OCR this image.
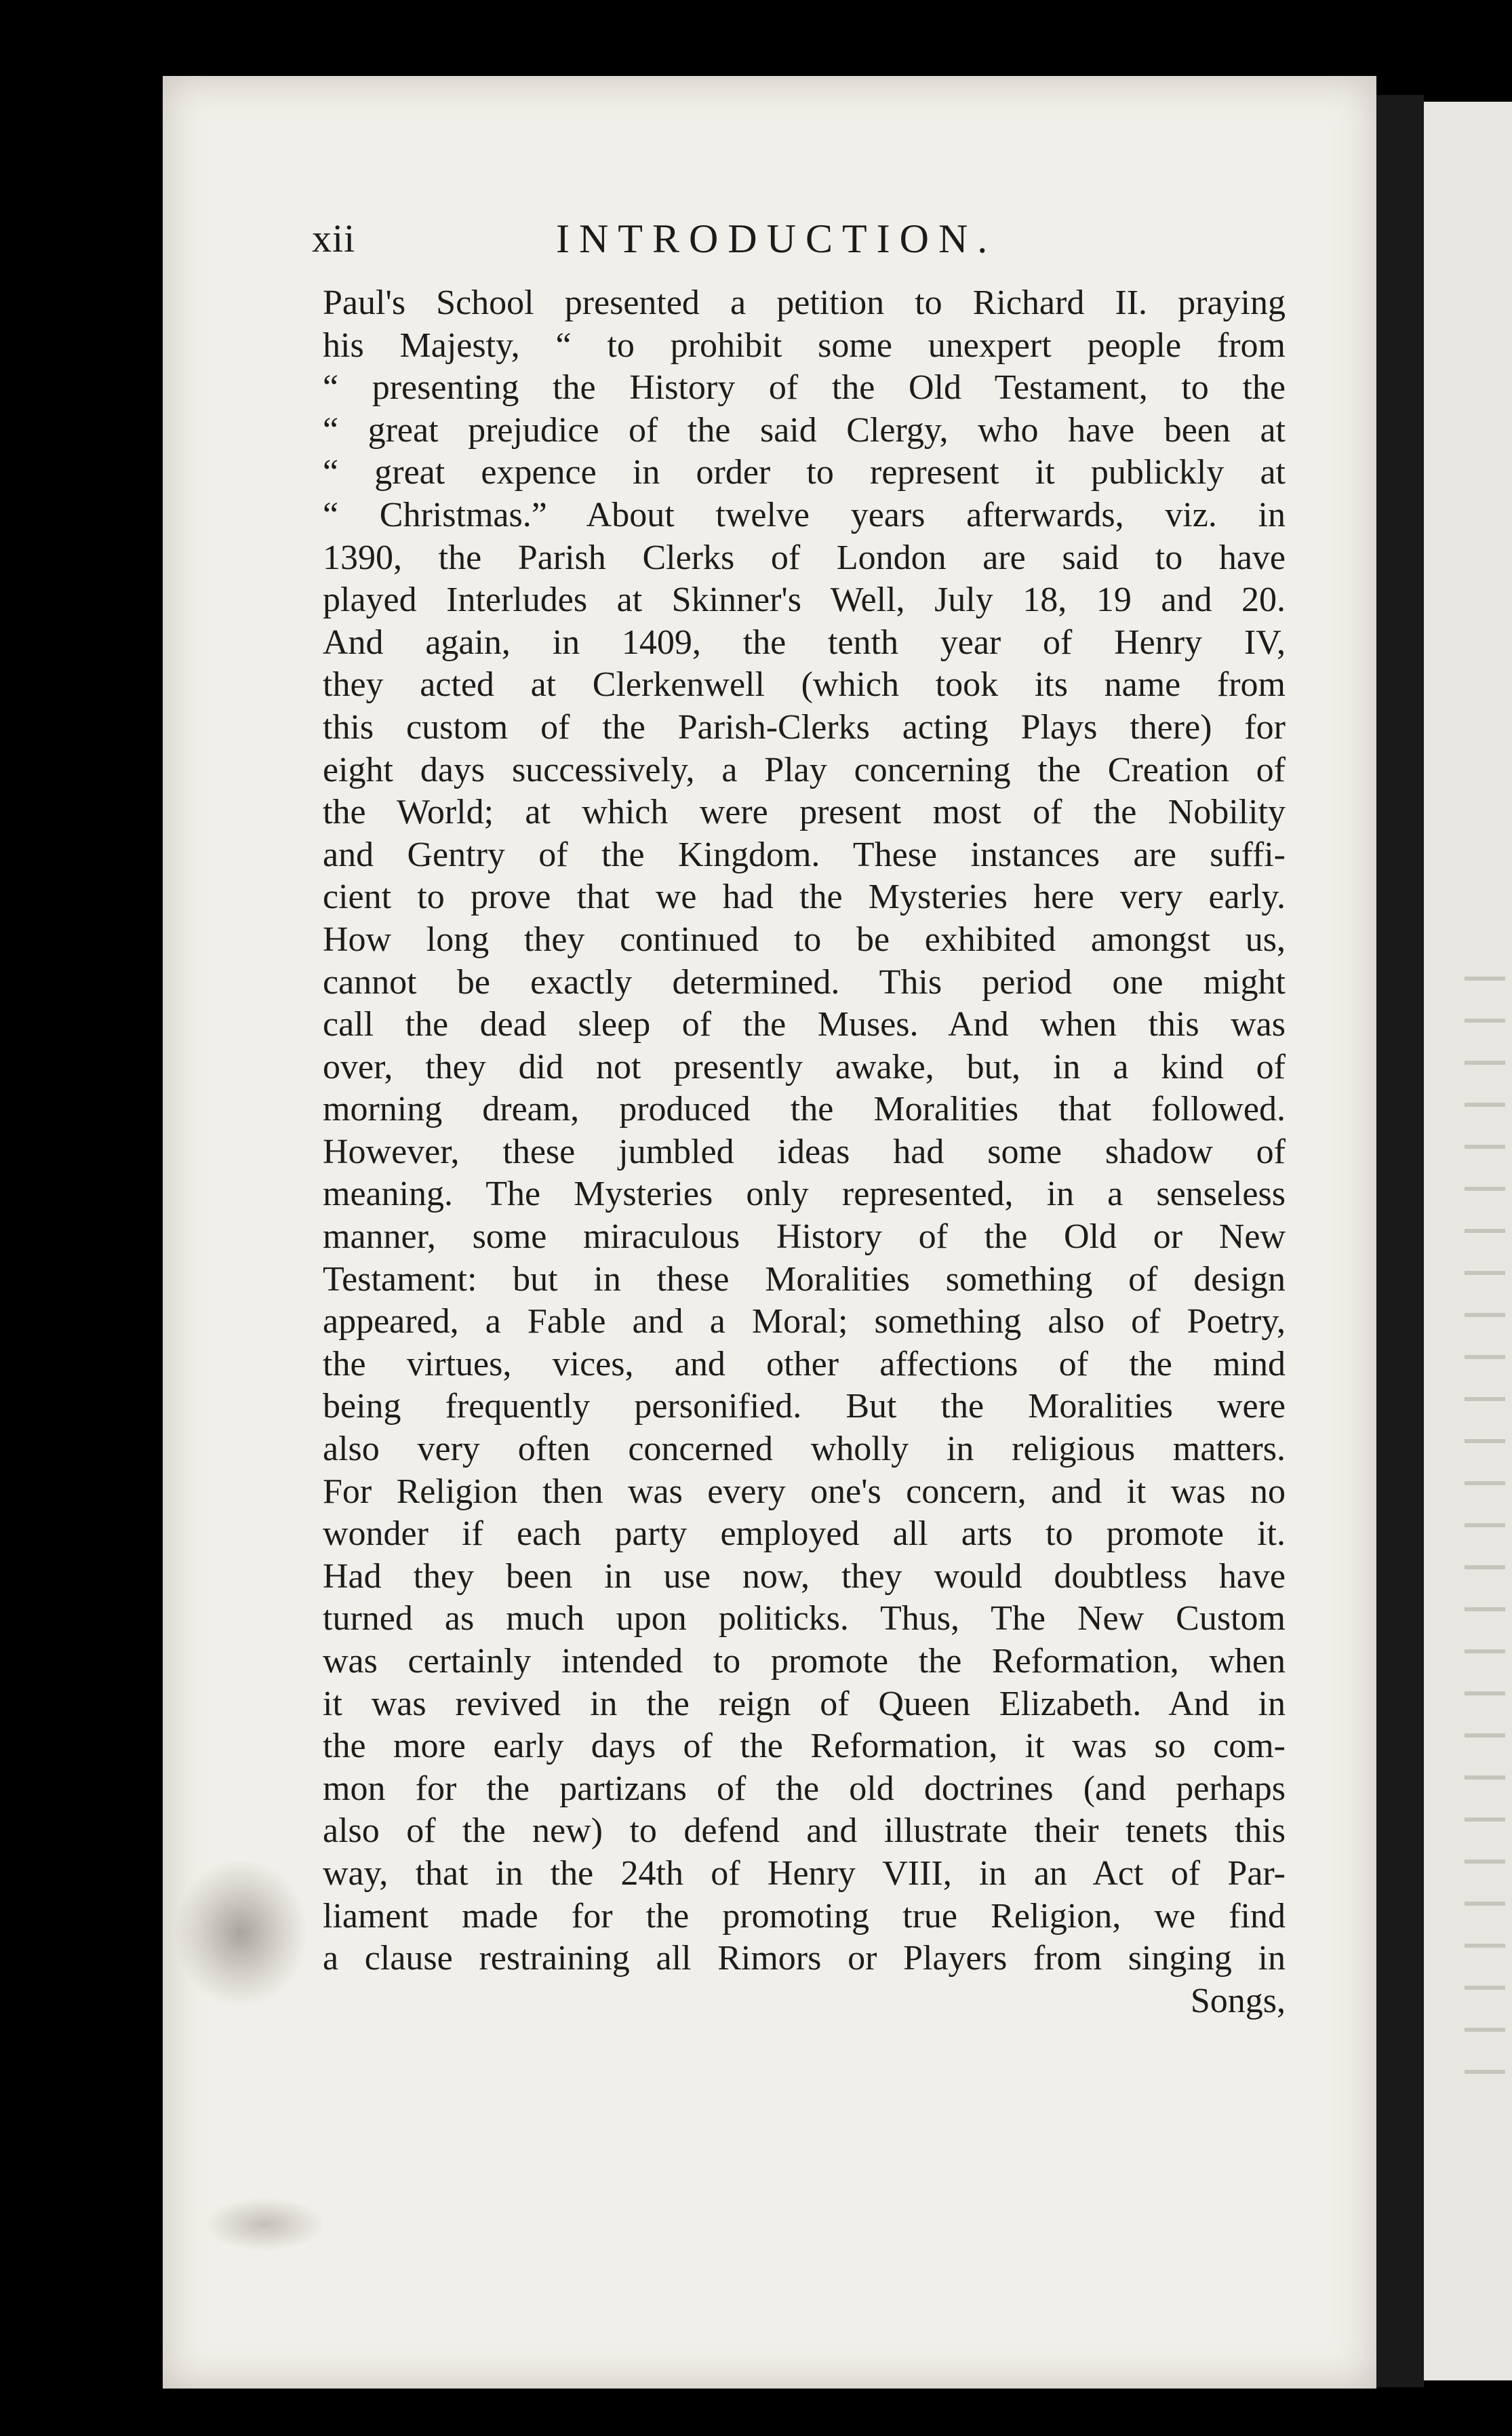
xii	INTRODUCTION.
Paul's School presented a petition to Richard II. praying
his Majesty, “ to prohibit some unexpert people from
“ presenting the History of the Old Testament, to the
“ great prejudice of the said Clergy, who have been at
“ great expence in order to represent it publickly at
“ Christmas.” About twelve years afterwards, viz. in
1390, the Parish Clerks of London are said to have
played Interludes at Skinner's Well, July 18, 19 and 20.
And again, in 1409, the tenth year of Henry IV,
they acted at Clerkenwell (which took its name from
this custom of the Parish-Clerks acting Plays there) for
eight days successively, a Play concerning the Creation of
the World; at which were present most of the Nobility
and Gentry of the Kingdom. These instances are suffi-
cient to prove that we had the Mysteries here very early.
How long they continued to be exhibited amongst us,
cannot be exactly determined. This period one might
call the dead sleep of the Muses. And when this was
over, they did not presently awake, but, in a kind of
morning dream, produced the Moralities that followed.
However, these jumbled ideas had some shadow of
meaning. The Mysteries only represented, in a senseless
manner, some miraculous History of the Old or New
Testament: but in these Moralities something of design
appeared, a Fable and a Moral; something also of Poetry,
the virtues, vices, and other affections of the mind
being frequently personified. But the Moralities were
also very often concerned wholly in religious matters.
For Religion then was every one's concern, and it was no
wonder if each party employed all arts to promote it.
Had they been in use now, they would doubtless have
turned as much upon politicks. Thus, The New Custom
was certainly intended to promote the Reformation, when
it was revived in the reign of Queen Elizabeth. And in
the more early days of the Reformation, it was so com-
mon for the partizans of the old doctrines (and perhaps
also of the new) to defend and illustrate their tenets this
way, that in the 24th of Henry VIII, in an Act of Par-
liament made for the promoting true Religion, we find
a clause restraining all Rimors or Players from singing in
Songs,
